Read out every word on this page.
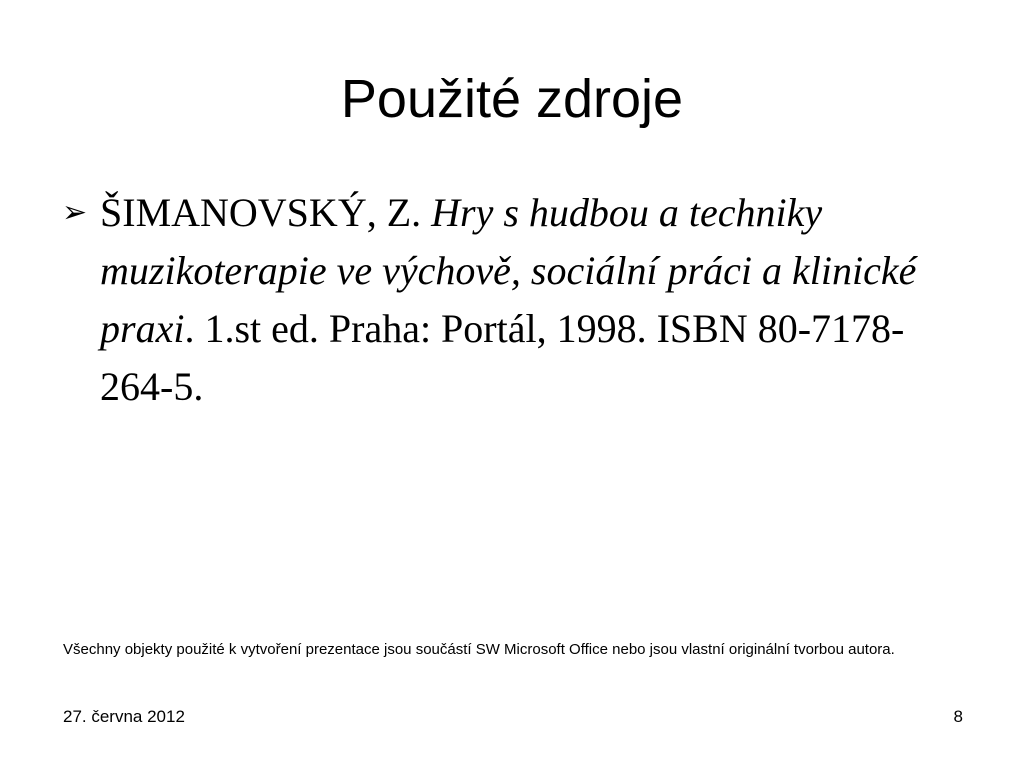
Použité zdroje
➢ ŠIMANOVSKÝ, Z. Hry s hudbou a techniky muzikoterapie ve výchově, sociální práci a klinické praxi. 1.st ed. Praha: Portál, 1998. ISBN 80-7178-264-5.
Všechny objekty použité k vytvoření prezentace jsou součástí SW Microsoft Office nebo jsou vlastní originální tvorbou autora.
27. června 2012	8
